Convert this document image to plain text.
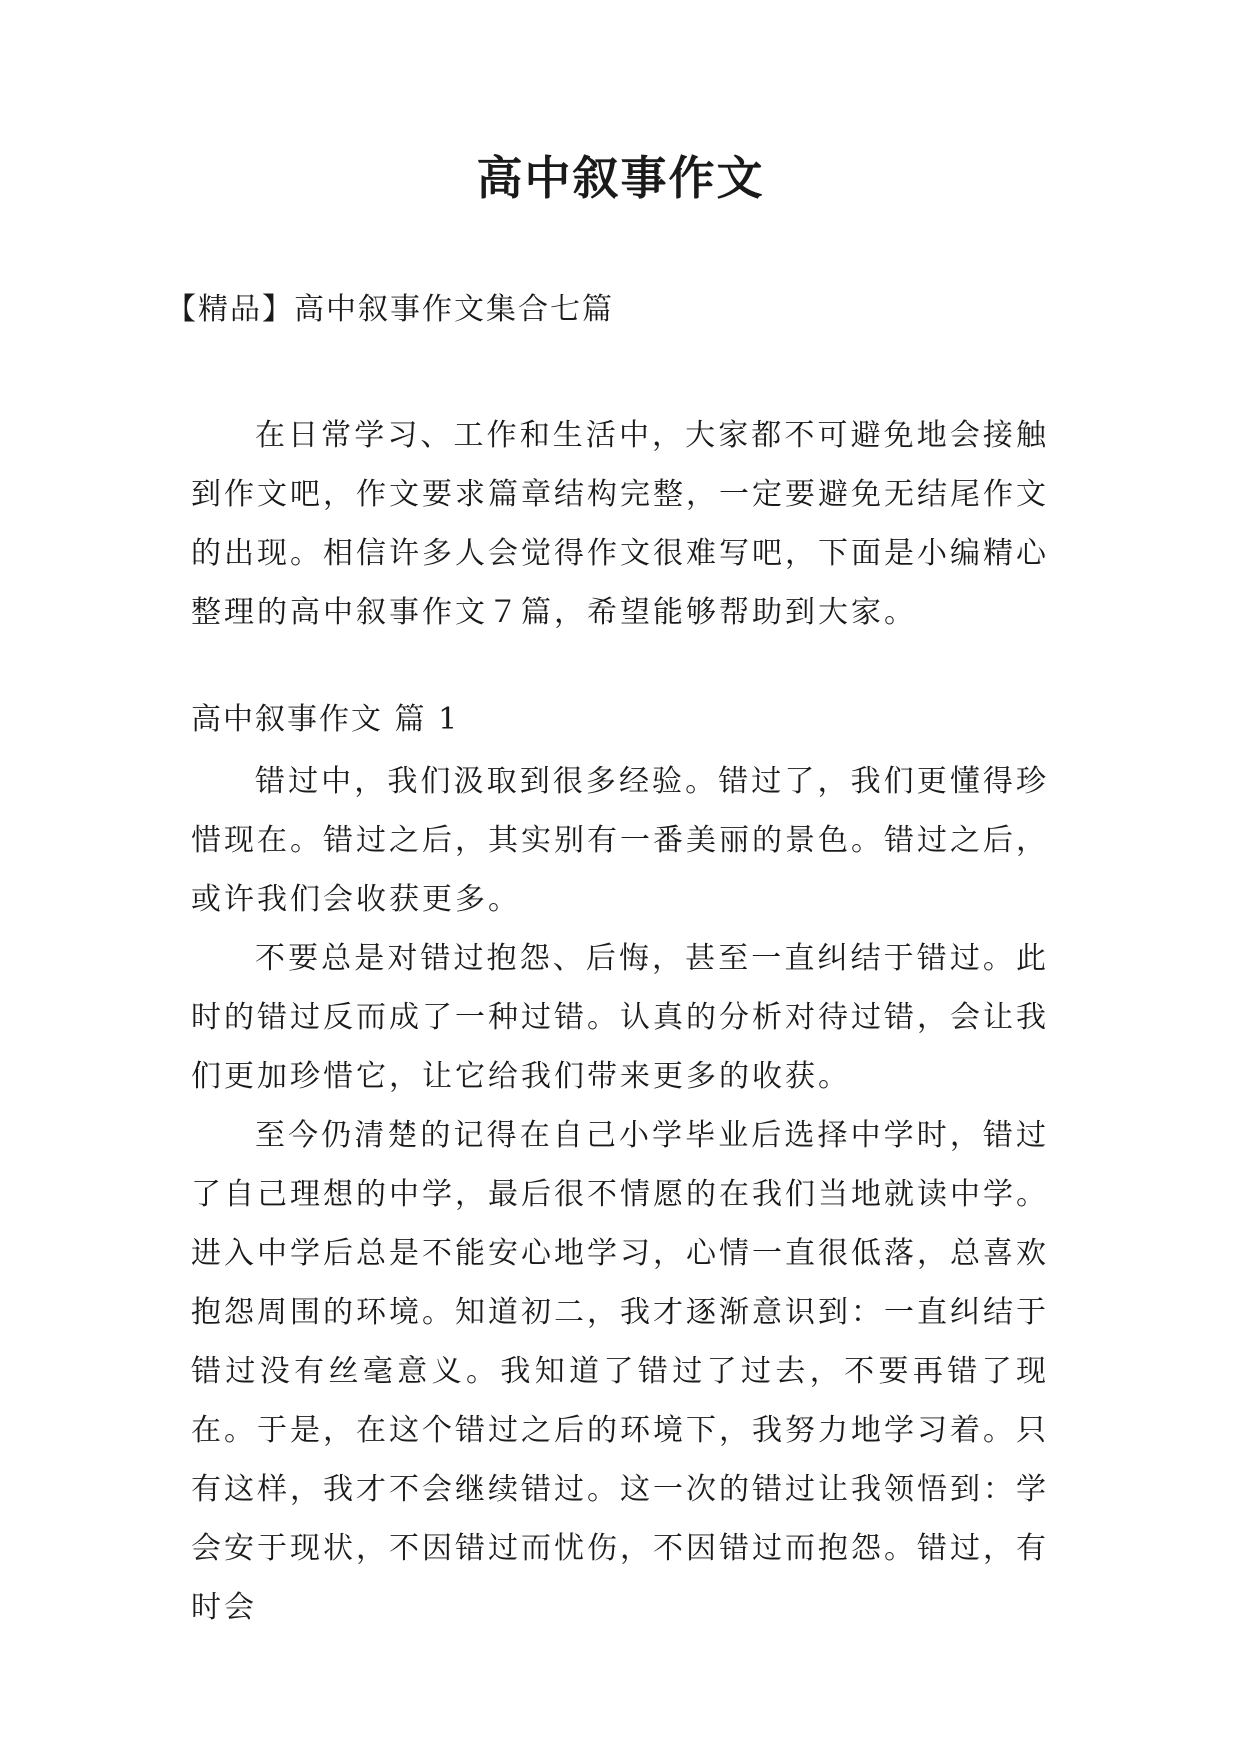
高中叙事作文
【精品】高中叙事作文集合七篇

在日常学习、工作和生活中，大家都不可避免地会接触到作文吧，作文要求篇章结构完整，一定要避免无结尾作文的出现。相信许多人会觉得作文很难写吧，下面是小编精心整理的高中叙事作文７篇，希望能够帮助到大家。

高中叙事作文 篇 1

错过中，我们汲取到很多经验。错过了，我们更懂得珍惜现在。错过之后，其实别有一番美丽的景色。错过之后，或许我们会收获更多。

不要总是对错过抱怨、后悔，甚至一直纠结于错过。此时的错过反而成了一种过错。认真的分析对待过错，会让我们更加珍惜它，让它给我们带来更多的收获。

至今仍清楚的记得在自己小学毕业后选择中学时，错过了自己理想的中学，最后很不情愿的在我们当地就读中学。进入中学后总是不能安心地学习，心情一直很低落，总喜欢抱怨周围的环境。知道初二，我才逐渐意识到：一直纠结于错过没有丝毫意义。我知道了错过了过去，不要再错了现在。于是，在这个错过之后的环境下，我努力地学习着。只有这样，我才不会继续错过。这一次的错过让我领悟到：学会安于现状，不因错过而忧伤，不因错过而抱怨。错过，有时会
